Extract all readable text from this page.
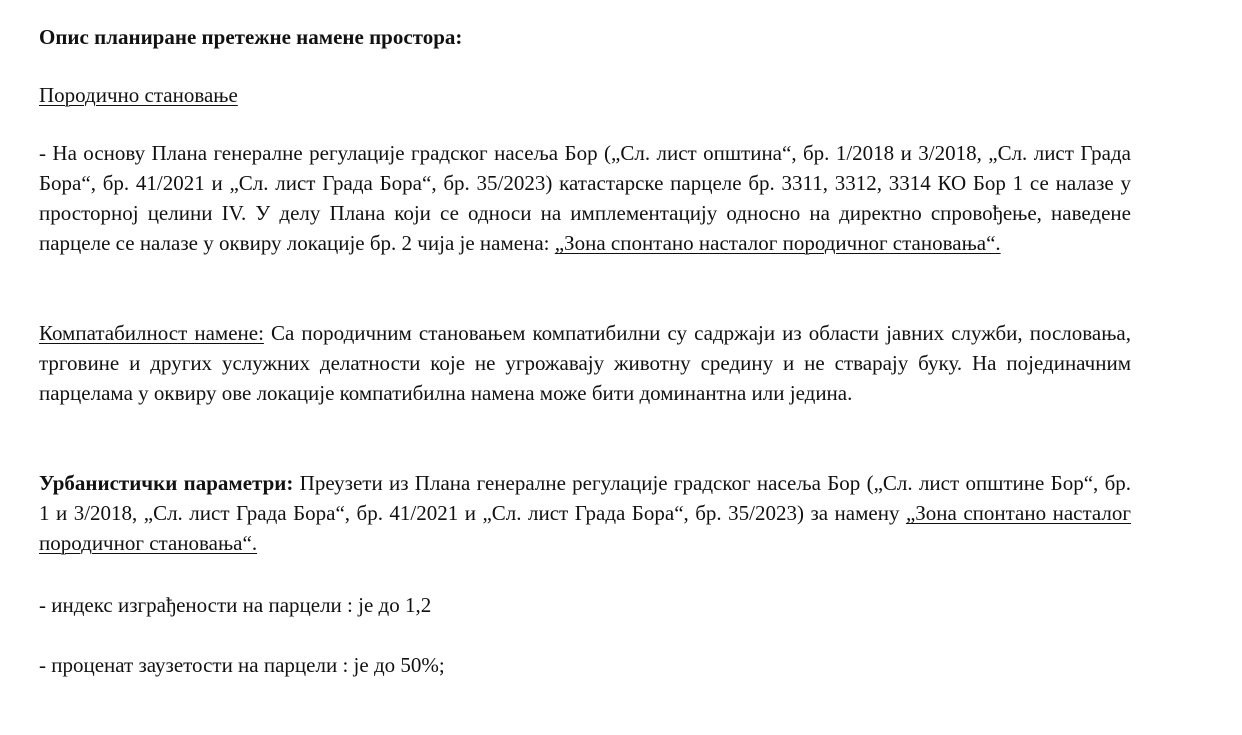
Опис планиране претежне намене простора:
Породично становање
- На основу Плана генералне регулације градског насеља Бор („Сл. лист општина“, бр. 1/2018 и 3/2018, „Сл. лист Града Бора“, бр. 41/2021 и „Сл. лист Града Бора“, бр. 35/2023) катастарске парцеле бр. 3311, 3312, 3314 КО Бор 1 се налазе у просторној целини IV. У делу Плана који се односи на имплементацију односно на директно спровођење, наведене парцеле се налазе у оквиру локације бр. 2 чија је намена: „Зона спонтано насталог породичног становања“.
Компатабилност намене: Са породичним становањем компатибилни су садржаји из области јавних служби, пословања, трговине и других услужних делатности које не угрожавају животну средину и не стварају буку. На појединачним парцелама у оквиру ове локације компатибилна намена може бити доминантна или једина.
Урбанистички параметри: Преузети из Плана генералне регулације градског насеља Бор („Сл. лист општине Бор“, бр. 1 и 3/2018, „Сл. лист Града Бора“, бр. 41/2021 и „Сл. лист Града Бора“, бр. 35/2023) за намену „Зона спонтано насталог породичног становања“.
- индекс изграђености на парцели : је до 1,2
- проценат заузетости на парцели : је до 50%;
